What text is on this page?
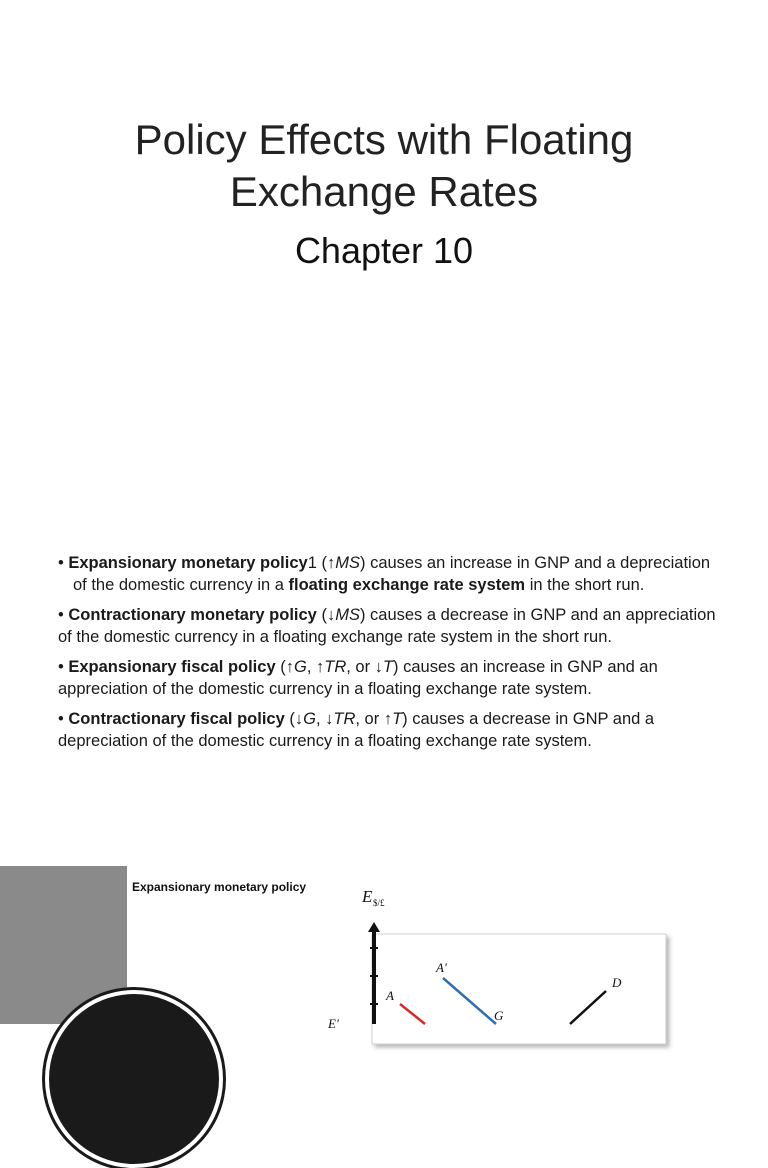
Policy Effects with Floating
Exchange Rates
Chapter 10
• Expansionary monetary policy1 (↑MS) causes an increase in GNP and a depreciation of the domestic currency in a floating exchange rate system in the short run.
• Contractionary monetary policy (↓MS) causes a decrease in GNP and an appreciation of the domestic currency in a floating exchange rate system in the short run.
• Expansionary fiscal policy (↑G, ↑TR, or ↓T) causes an increase in GNP and an appreciation of the domestic currency in a floating exchange rate system.
• Contractionary fiscal policy (↓G, ↓TR, or ↑T) causes a decrease in GNP and a depreciation of the domestic currency in a floating exchange rate system.
Expansionary monetary policy	E $/£
A'
A
G
D
E'
